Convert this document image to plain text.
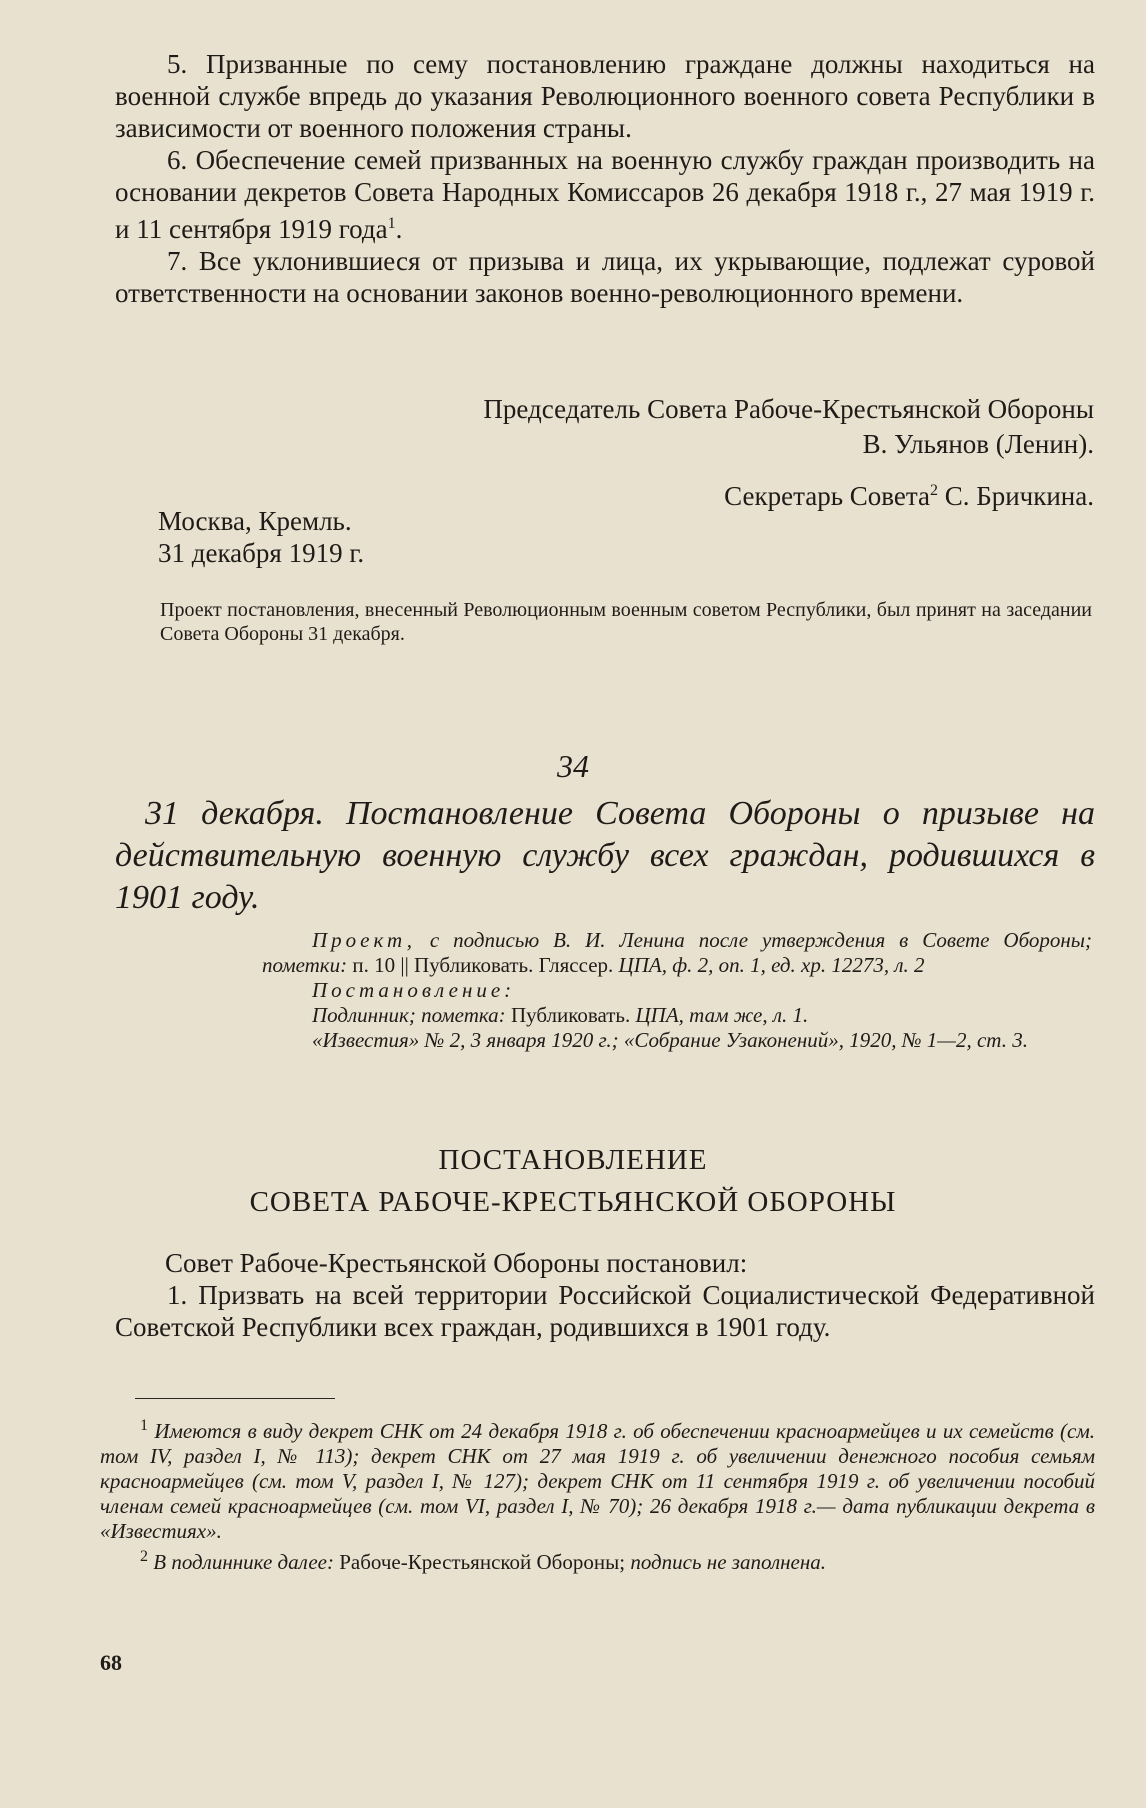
5. Призванные по сему постановлению граждане должны находиться на военной службе впредь до указания Революционного военного совета Республики в зависимости от военного положения страны.

6. Обеспечение семей призванных на военную службу граждан производить на основании декретов Совета Народных Комиссаров 26 декабря 1918 г., 27 мая 1919 г. и 11 сентября 1919 года$^1$.

7. Все уклонившиеся от призыва и лица, их укрывающие, подлежат суровой ответственности на основании законов военно-революционного времени.

Председатель Совета Рабоче-Крестьянской Обороны
В. Ульянов (Ленин).
Секретарь Совета$^2$ С. Бричкина.
Москва, Кремль.
31 декабря 1919 г.

Проект постановления, внесенный Революционным военным советом Республики, был принят на заседании Совета Обороны 31 декабря.

34

31 декабря. Постановление Совета Обороны о призыве на действительную военную службу всех граждан, родившихся в 1901 году.

Проект, с подписью В. И. Ленина после утверждения в Совете Обороны; пометки: п. 10 || Публиковать. Гляссер. ЦПА, ф. 2, оп. 1, ед. хр. 12273, л. 2

Постановление:

Подлинник; пометка: Публиковать. ЦПА, там же, л. 1.

«Известия» № 2, 3 января 1920 г.; «Собрание Узаконений», 1920, № 1—2, ст. 3.

ПОСТАНОВЛЕНИЕ
СОВЕТА РАБОЧЕ-КРЕСТЬЯНСКОЙ ОБОРОНЫ

Совет Рабоче-Крестьянской Обороны постановил:

1. Призвать на всей территории Российской Социалистической Федеративной Советской Республики всех граждан, родившихся в 1901 году.

$^1$ Имеются в виду декрет СНК от 24 декабря 1918 г. об обеспечении красноармейцев и их семейств (см. том IV, раздел I, № 113); декрет СНК от 27 мая 1919 г. об увеличении денежного пособия семьям красноармейцев (см. том V, раздел I, № 127); декрет СНК от 11 сентября 1919 г. об увеличении пособий членам семей красноармейцев (см. том VI, раздел I, № 70); 26 декабря 1918 г.— дата публикации декрета в «Известиях».

$^2$ В подлиннике далее: Рабоче-Крестьянской Обороны; подпись не заполнена.

68
